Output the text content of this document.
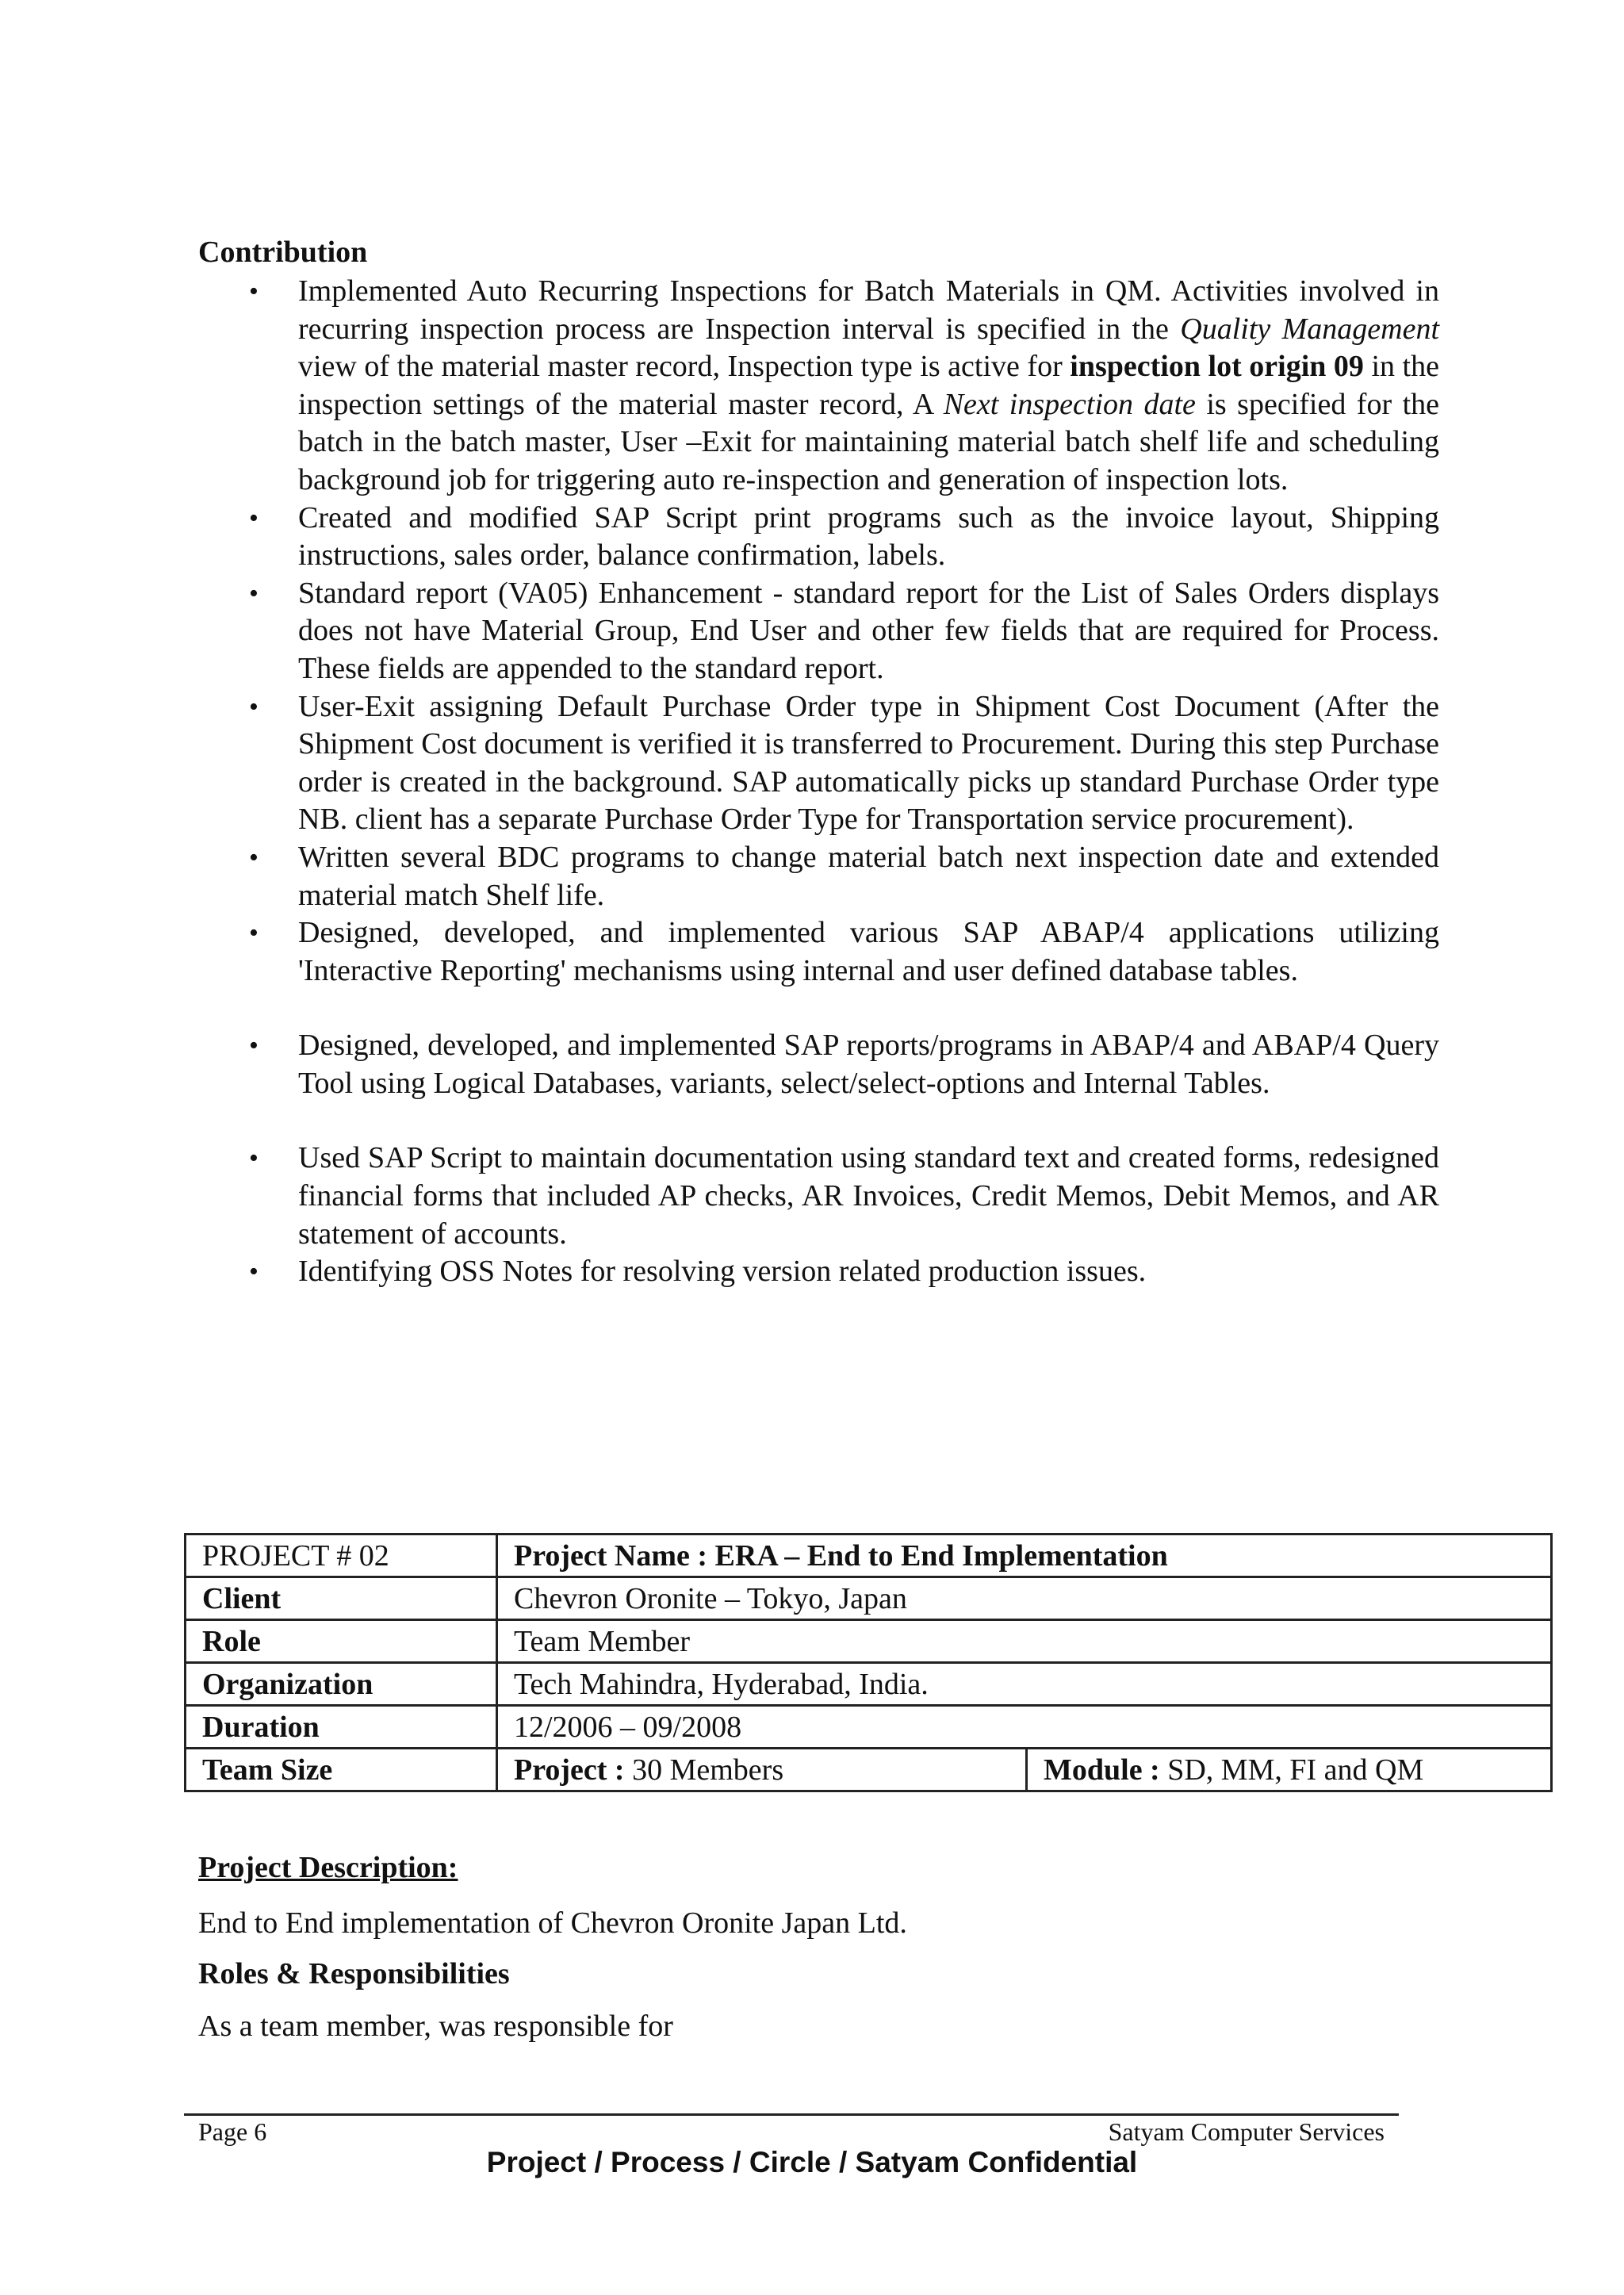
Contribution
• Implemented Auto Recurring Inspections for Batch Materials in QM. Activities involved in recurring inspection process are Inspection interval is specified in the Quality Management view of the material master record, Inspection type is active for inspection lot origin 09 in the inspection settings of the material master record, A Next inspection date is specified for the batch in the batch master, User –Exit for maintaining material batch shelf life and scheduling background job for triggering auto re-inspection and generation of inspection lots.
• Created and modified SAP Script print programs such as the invoice layout, Shipping instructions, sales order, balance confirmation, labels.
• Standard report (VA05) Enhancement - standard report for the List of Sales Orders displays does not have Material Group, End User and other few fields that are required for Process. These fields are appended to the standard report.
• User-Exit assigning Default Purchase Order type in Shipment Cost Document (After the Shipment Cost document is verified it is transferred to Procurement. During this step Purchase order is created in the background. SAP automatically picks up standard Purchase Order type NB. client has a separate Purchase Order Type for Transportation service procurement).
• Written several BDC programs to change material batch next inspection date and extended material match Shelf life.
• Designed, developed, and implemented various SAP ABAP/4 applications utilizing 'Interactive Reporting' mechanisms using internal and user defined database tables.
• Designed, developed, and implemented SAP reports/programs in ABAP/4 and ABAP/4 Query Tool using Logical Databases, variants, select/select-options and Internal Tables.
• Used SAP Script to maintain documentation using standard text and created forms, redesigned financial forms that included AP checks, AR Invoices, Credit Memos, Debit Memos, and AR statement of accounts.
• Identifying OSS Notes for resolving version related production issues.
PROJECT # 02	Project Name : ERA – End to End Implementation	
Client	Chevron Oronite – Tokyo, Japan	
Role	Team Member	
Organization	Tech Mahindra, Hyderabad, India.	
Duration	12/2006 – 09/2008	
Team Size	Project : 30 Members	Module : SD, MM, FI and QM

Project Description:

End to End implementation of Chevron Oronite Japan Ltd.

Roles & Responsibilities

As a team member, was responsible for

Page 6	Satyam Computer Services
Project / Process / Circle / Satyam Confidential
